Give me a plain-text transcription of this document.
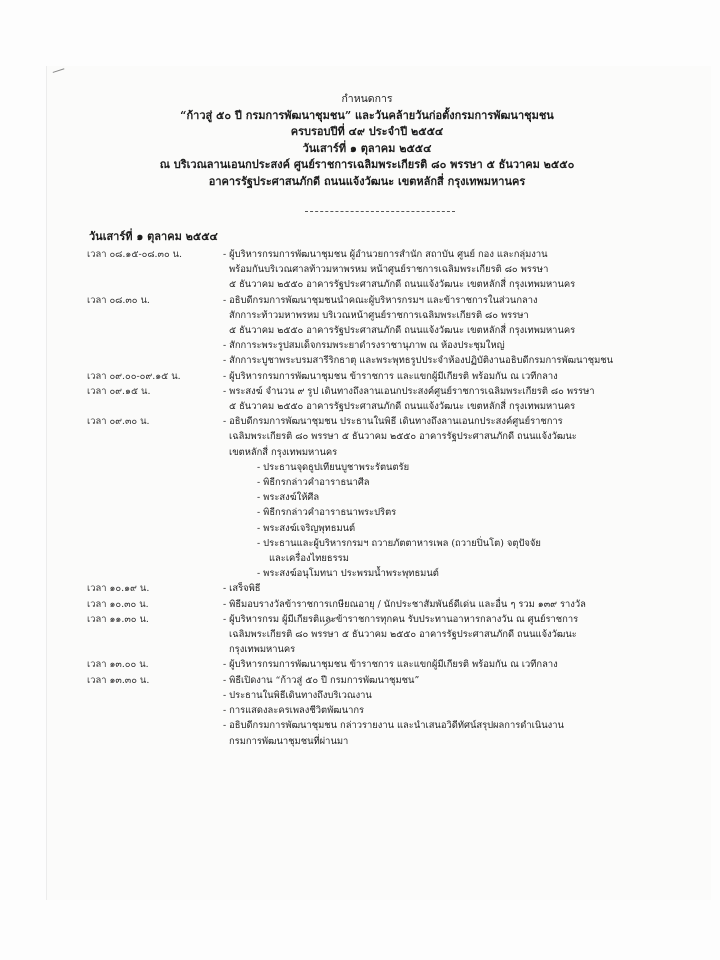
กำหนดการ
“ก้าวสู่ ๕๐ ปี กรมการพัฒนาชุมชน” และวันคล้ายวันก่อตั้งกรมการพัฒนาชุมชน
ครบรอบปีที่ ๔๙ ประจำปี ๒๕๕๔
วันเสาร์ที่ ๑ ตุลาคม ๒๕๕๔
ณ บริเวณลานเอนกประสงค์ ศูนย์ราชการเฉลิมพระเกียรติ ๘๐ พรรษา ๕ ธันวาคม ๒๕๕๐
อาคารรัฐประศาสนภักดี ถนนแจ้งวัฒนะ เขตหลักสี่ กรุงเทพมหานคร
วันเสาร์ที่ ๑ ตุลาคม ๒๕๕๔
เวลา ๐๘.๑๕-๐๘.๓๐ น.	- ผู้บริหารกรมการพัฒนาชุมชน ผู้อำนวยการสำนัก สถาบัน ศูนย์ กอง และกลุ่มงาน
พร้อมกันบริเวณศาลท้าวมหาพรหม หน้าศูนย์ราชการเฉลิมพระเกียรติ ๘๐ พรรษา
๕ ธันวาคม ๒๕๕๐ อาคารรัฐประศาสนภักดี ถนนแจ้งวัฒนะ เขตหลักสี่ กรุงเทพมหานคร
เวลา ๐๘.๓๐ น.	- อธิบดีกรมการพัฒนาชุมชนนำคณะผู้บริหารกรมฯ และข้าราชการในส่วนกลาง
สักการะท้าวมหาพรหม บริเวณหน้าศูนย์ราชการเฉลิมพระเกียรติ ๘๐ พรรษา
๕ ธันวาคม ๒๕๕๐ อาคารรัฐประศาสนภักดี ถนนแจ้งวัฒนะ เขตหลักสี่ กรุงเทพมหานคร
- สักการะพระรูปสมเด็จกรมพระยาดำรงราชานุภาพ ณ ห้องประชุมใหญ่
- สักการะบูชาพระบรมสารีริกธาตุ และพระพุทธรูปประจำห้องปฏิบัติงานอธิบดีกรมการพัฒนาชุมชน
เวลา ๐๙.๐๐-๐๙.๑๕ น.	- ผู้บริหารกรมการพัฒนาชุมชน ข้าราชการ และแขกผู้มีเกียรติ พร้อมกัน ณ เวทีกลาง
เวลา ๐๙.๑๕ น.	- พระสงฆ์ จำนวน ๙ รูป เดินทางถึงลานเอนกประสงค์ศูนย์ราชการเฉลิมพระเกียรติ ๘๐ พรรษา
๕ ธันวาคม ๒๕๕๐ อาคารรัฐประศาสนภักดี ถนนแจ้งวัฒนะ เขตหลักสี่ กรุงเทพมหานคร
เวลา ๐๙.๓๐ น.	- อธิบดีกรมการพัฒนาชุมชน ประธานในพิธี เดินทางถึงลานเอนกประสงค์ศูนย์ราชการ
เฉลิมพระเกียรติ ๘๐ พรรษา ๕ ธันวาคม ๒๕๕๐ อาคารรัฐประศาสนภักดี ถนนแจ้งวัฒนะ
เขตหลักสี่ กรุงเทพมหานคร
- ประธานจุดธูปเทียนบูชาพระรัตนตรัย
- พิธีกรกล่าวคำอาราธนาศีล
- พระสงฆ์ให้ศีล
- พิธีกรกล่าวคำอาราธนาพระปริตร
- พระสงฆ์เจริญพุทธมนต์
- ประธานและผู้บริหารกรมฯ ถวายภัตตาหารเพล (ถวายปิ่นโต) จตุปัจจัย
และเครื่องไทยธรรม
- พระสงฆ์อนุโมทนา ประพรมน้ำพระพุทธมนต์
เวลา ๑๐.๑๙ น.	- เสร็จพิธี
เวลา ๑๐.๓๐ น.	- พิธีมอบรางวัลข้าราชการเกษียณอายุ / นักประชาสัมพันธ์ดีเด่น และอื่น ๆ รวม ๑๓๙ รางวัล
เวลา ๑๑.๓๐ น.	- ผู้บริหารกรม ผู้มีเกียรติและข้าราชการทุกคน รับประทานอาหารกลางวัน ณ ศูนย์ราชการ
เฉลิมพระเกียรติ ๘๐ พรรษา ๕ ธันวาคม ๒๕๕๐ อาคารรัฐประศาสนภักดี ถนนแจ้งวัฒนะ
กรุงเทพมหานคร
เวลา ๑๓.๐๐ น.	- ผู้บริหารกรมการพัฒนาชุมชน ข้าราชการ และแขกผู้มีเกียรติ พร้อมกัน ณ เวทีกลาง
เวลา ๑๓.๓๐ น.	- พิธีเปิดงาน “ก้าวสู่ ๕๐ ปี กรมการพัฒนาชุมชน”
- ประธานในพิธีเดินทางถึงบริเวณงาน
- การแสดงละครเพลงชีวิตพัฒนากร
- อธิบดีกรมการพัฒนาชุมชน กล่าวรายงาน และนำเสนอวิดีทัศน์สรุปผลการดำเนินงาน
กรมการพัฒนาชุมชนที่ผ่านมา
